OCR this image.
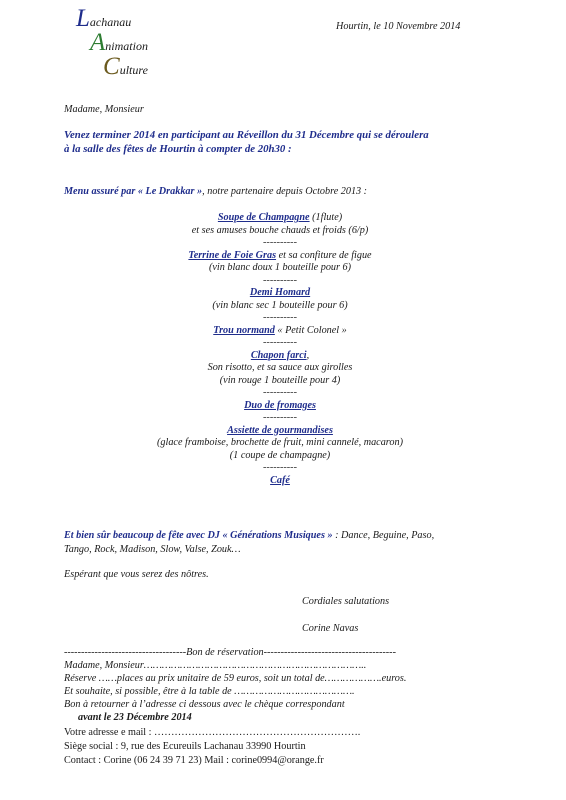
Lachanau
Animation
Culture
Hourtin, le 10 Novembre 2014
Madame, Monsieur
Venez terminer 2014 en participant au Réveillon du 31 Décembre qui se déroulera
à la salle des fêtes de Hourtin à compter de 20h30 :
Menu assuré par « Le Drakkar », notre partenaire depuis Octobre 2013 :
Soupe de Champagne (1flute)
et ses amuses bouche chauds et froids (6/p)
----------
Terrine de Foie Gras et sa confiture de figue
(vin blanc doux 1 bouteille pour 6)
----------
Demi Homard
(vin blanc sec 1 bouteille pour 6)
----------
Trou normand « Petit Colonel »
----------
Chapon farci,
Son risotto, et sa sauce aux girolles
(vin rouge 1 bouteille pour 4)
----------
Duo de fromages
----------
Assiette de gourmandises
(glace framboise, brochette de fruit, mini cannelé, macaron)
(1 coupe de champagne)
----------
Café
Et bien sûr beaucoup de fête avec DJ « Générations Musiques » : Dance, Beguine, Paso,
Tango, Rock, Madison, Slow, Valse, Zouk…
Espérant que vous serez des nôtres.
Cordiales salutations
Corine Navas
------------------------------------Bon de réservation---------------------------------------
Madame, Monsieur………………………………………………………………..
Réserve ……places au prix unitaire de 59 euros, soit un total de……………….euros.
Et souhaite, si possible, être à la table de ………………………………….
Bon à retourner à l’adresse ci dessous avec le chèque correspondant
avant le 23 Décembre 2014
Votre adresse e mail : …………………………………………………….
Siège social : 9, rue des Ecureuils Lachanau 33990 Hourtin
Contact : Corine (06 24 39 71 23) Mail : corine0994@orange.fr
